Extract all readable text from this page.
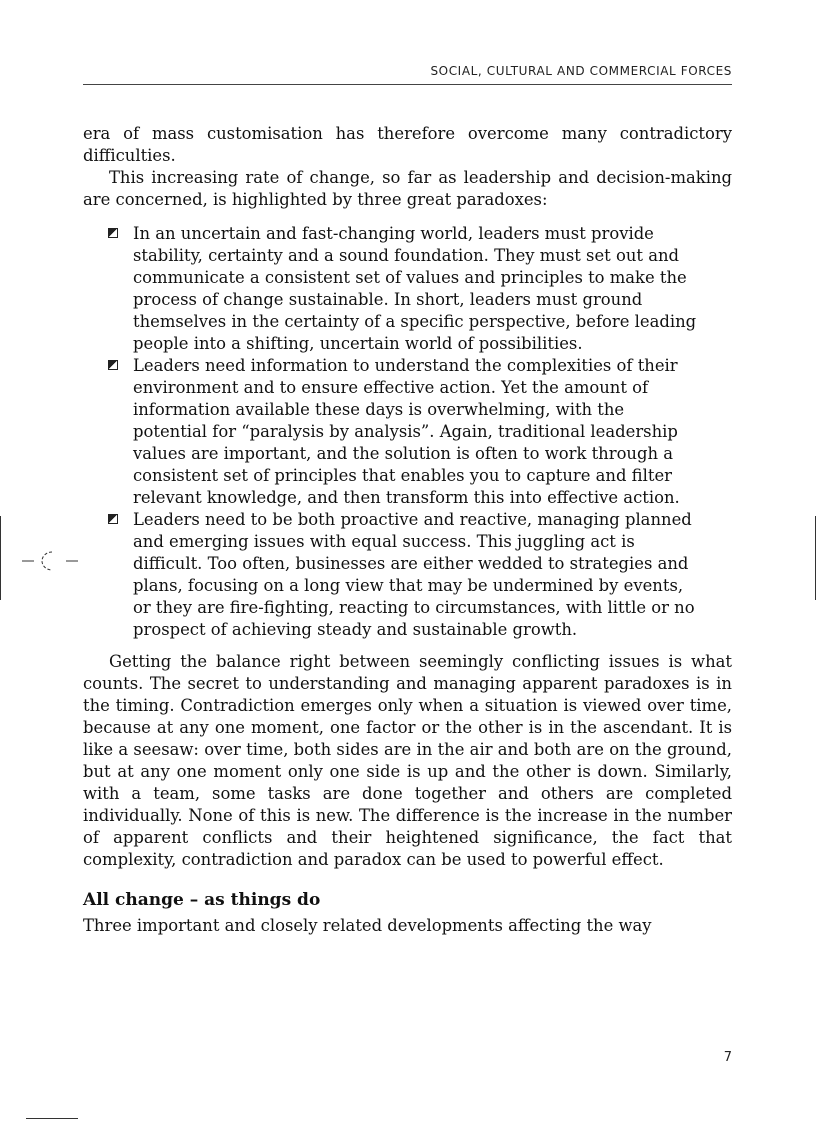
SOCIAL, CULTURAL AND COMMERCIAL FORCES

era of mass customisation has therefore overcome many contradictory difficulties.

This increasing rate of change, so far as leadership and decision-making are concerned, is highlighted by three great paradoxes:

In an uncertain and fast-changing world, leaders must provide stability, certainty and a sound foundation. They must set out and communicate a consistent set of values and principles to make the process of change sustainable. In short, leaders must ground themselves in the certainty of a specific perspective, before leading people into a shifting, uncertain world of possibilities.
Leaders need information to understand the complexities of their environment and to ensure effective action. Yet the amount of information available these days is overwhelming, with the potential for “paralysis by analysis”. Again, traditional leadership values are important, and the solution is often to work through a consistent set of principles that enables you to capture and filter relevant knowledge, and then transform this into effective action.
Leaders need to be both proactive and reactive, managing planned and emerging issues with equal success. This juggling act is difficult. Too often, businesses are either wedded to strategies and plans, focusing on a long view that may be undermined by events, or they are fire-fighting, reacting to circumstances, with little or no prospect of achieving steady and sustainable growth.

Getting the balance right between seemingly conflicting issues is what counts. The secret to understanding and managing apparent paradoxes is in the timing. Contradiction emerges only when a situation is viewed over time, because at any one moment, one factor or the other is in the ascendant. It is like a seesaw: over time, both sides are in the air and both are on the ground, but at any one moment only one side is up and the other is down. Similarly, with a team, some tasks are done together and others are completed individually. None of this is new. The difference is the increase in the number of apparent conflicts and their heightened significance, the fact that complexity, contradiction and paradox can be used to powerful effect.

All change – as things do

Three important and closely related developments affecting the way

7
